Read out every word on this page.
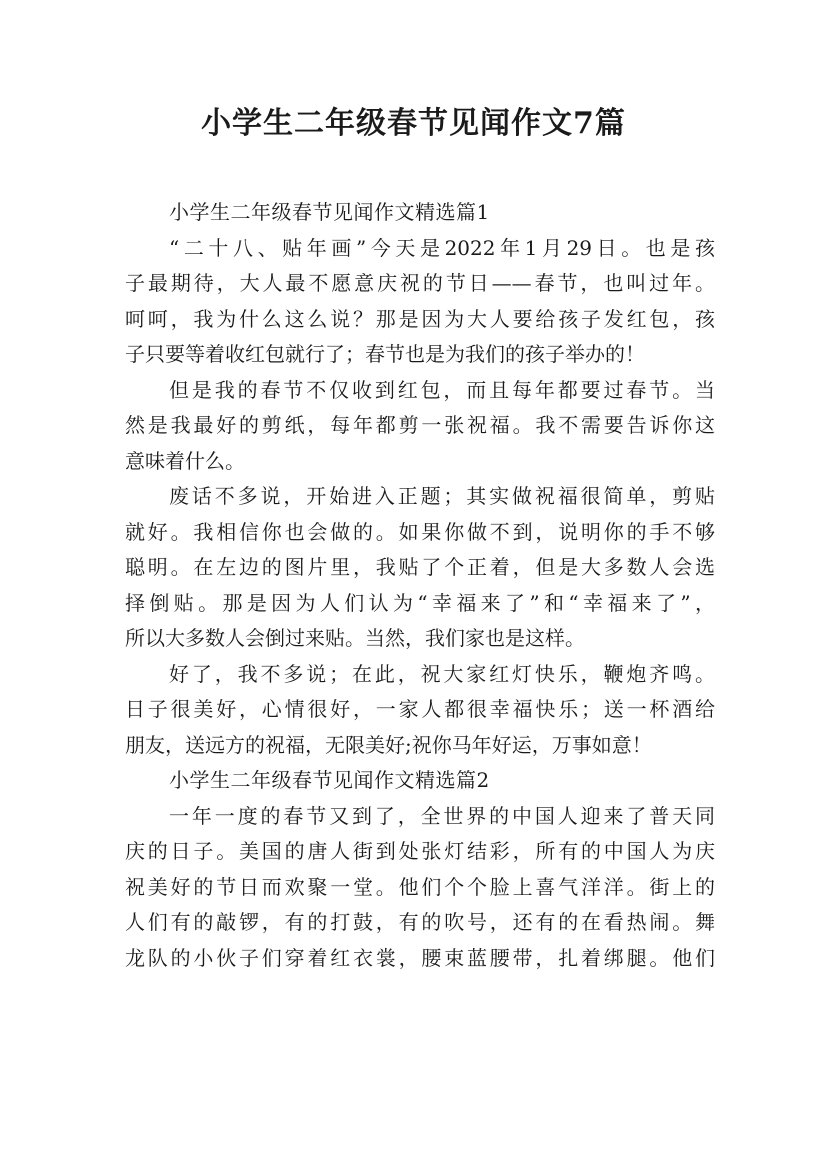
小学生二年级春节见闻作文7篇
小学生二年级春节见闻作文精选篇1
“二十八、贴年画”今天是2022年1月29日。也是孩
子最期待，大人最不愿意庆祝的节日——春节，也叫过年。
呵呵，我为什么这么说？那是因为大人要给孩子发红包，孩
子只要等着收红包就行了；春节也是为我们的孩子举办的！
但是我的春节不仅收到红包，而且每年都要过春节。当
然是我最好的剪纸，每年都剪一张祝福。我不需要告诉你这
意味着什么。
废话不多说，开始进入正题；其实做祝福很简单，剪贴
就好。我相信你也会做的。如果你做不到，说明你的手不够
聪明。在左边的图片里，我贴了个正着，但是大多数人会选
择倒贴。那是因为人们认为“幸福来了”和“幸福来了”，
所以大多数人会倒过来贴。当然，我们家也是这样。
好了，我不多说；在此，祝大家红灯快乐，鞭炮齐鸣。
日子很美好，心情很好，一家人都很幸福快乐；送一杯酒给
朋友，送远方的祝福，无限美好;祝你马年好运，万事如意！
小学生二年级春节见闻作文精选篇2
一年一度的春节又到了，全世界的中国人迎来了普天同
庆的日子。美国的唐人街到处张灯结彩，所有的中国人为庆
祝美好的节日而欢聚一堂。他们个个脸上喜气洋洋。街上的
人们有的敲锣，有的打鼓，有的吹号，还有的在看热闹。舞
龙队的小伙子们穿着红衣裳，腰束蓝腰带，扎着绑腿。他们
